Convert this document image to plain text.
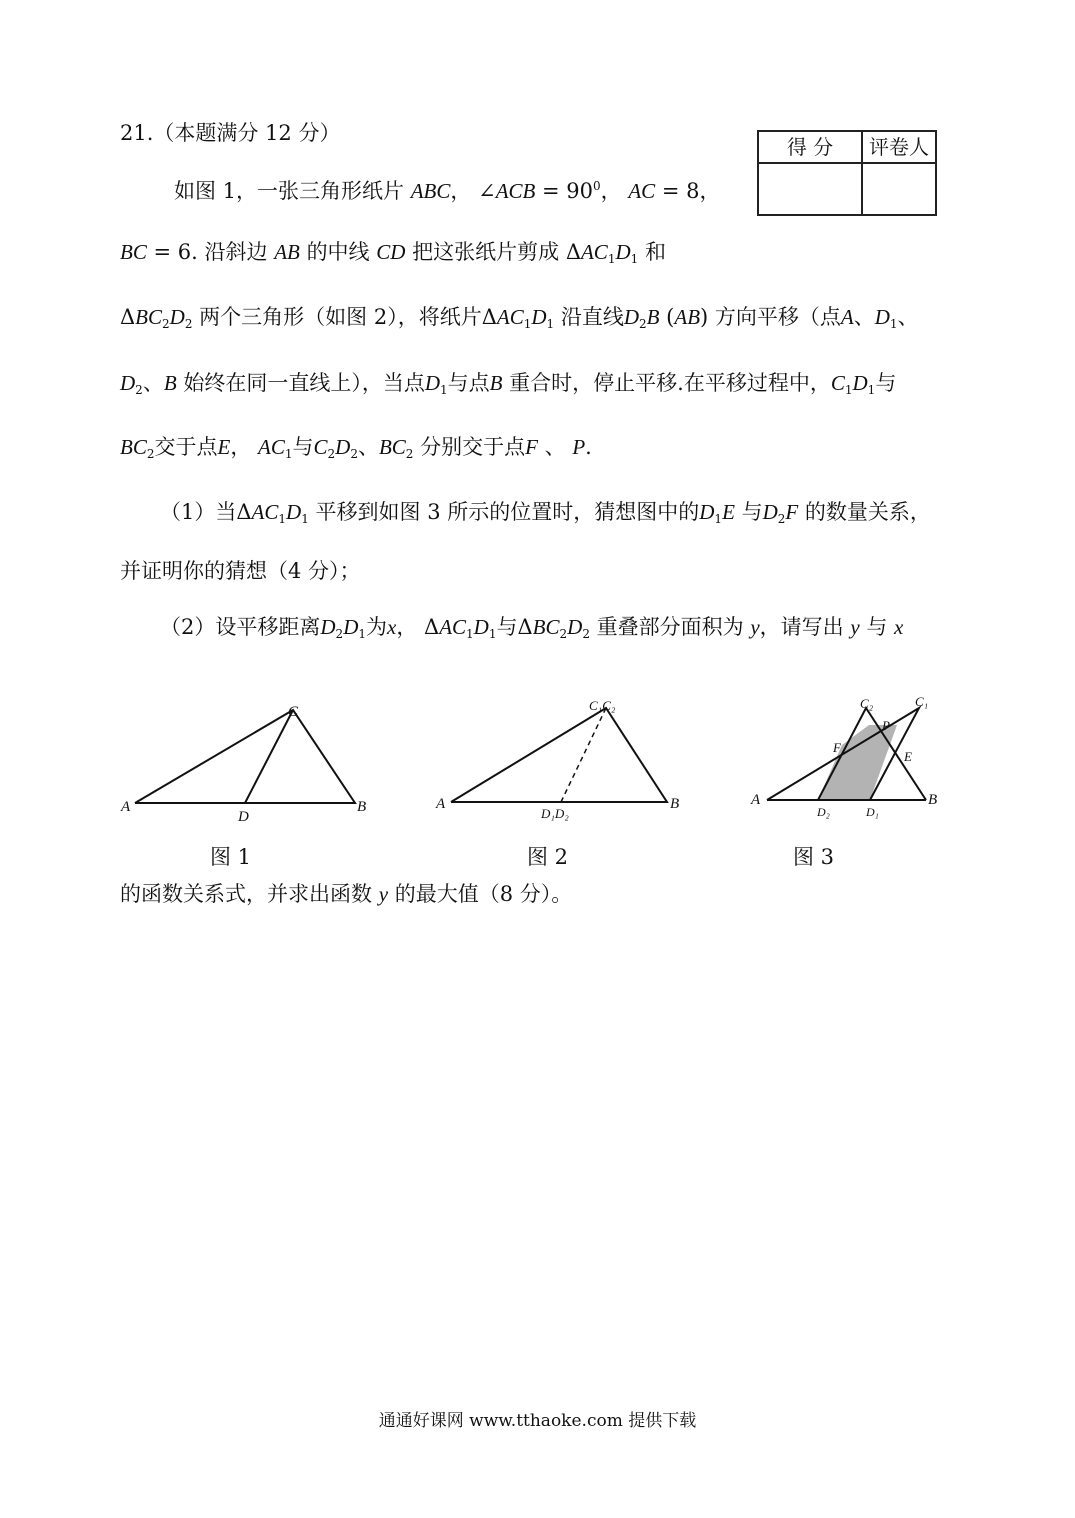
21.（本题满分 12 分）
得 分	评卷人
如图 1，一张三角形纸片 ABC， ∠ACB = $90^0$， AC = 8，
BC = 6. 沿斜边 AB 的中线 CD 把这张纸片剪成 $\Delta AC_1D_1$ 和
$\Delta BC_2D_2$ 两个三角形（如图 2），将纸片$\Delta AC_1D_1$ 沿直线$D_2B$ (AB) 方向平移（点A、$D_1$、
$D_2$、B 始终在同一直线上），当点$D_1$与点B 重合时，停止平移.在平移过程中，$C_1D_1$与
$BC_2$交于点E， $AC_1$与$C_2D_2$、$BC_2$ 分别交于点F 、 P.
（1）当$\Delta AC_1D_1$ 平移到如图 3 所示的位置时，猜想图中的$D_1E$ 与$D_2F$ 的数量关系，
并证明你的猜想（4 分）；
（2）设平移距离$D_2D_1$为x， $\Delta AC_1D_1$与$\Delta BC_2D_2$ 重叠部分面积为 y，请写出 y 与 x
A
C
B
D
A	B
C₁C₂
D₁D₂
A	B
C₂	C₁
P
F
E
D₂	D₁
图 1	图 2	图 3
的函数关系式，并求出函数 y 的最大值（8 分）。
通通好课网 www.tthaoke.com 提供下载
